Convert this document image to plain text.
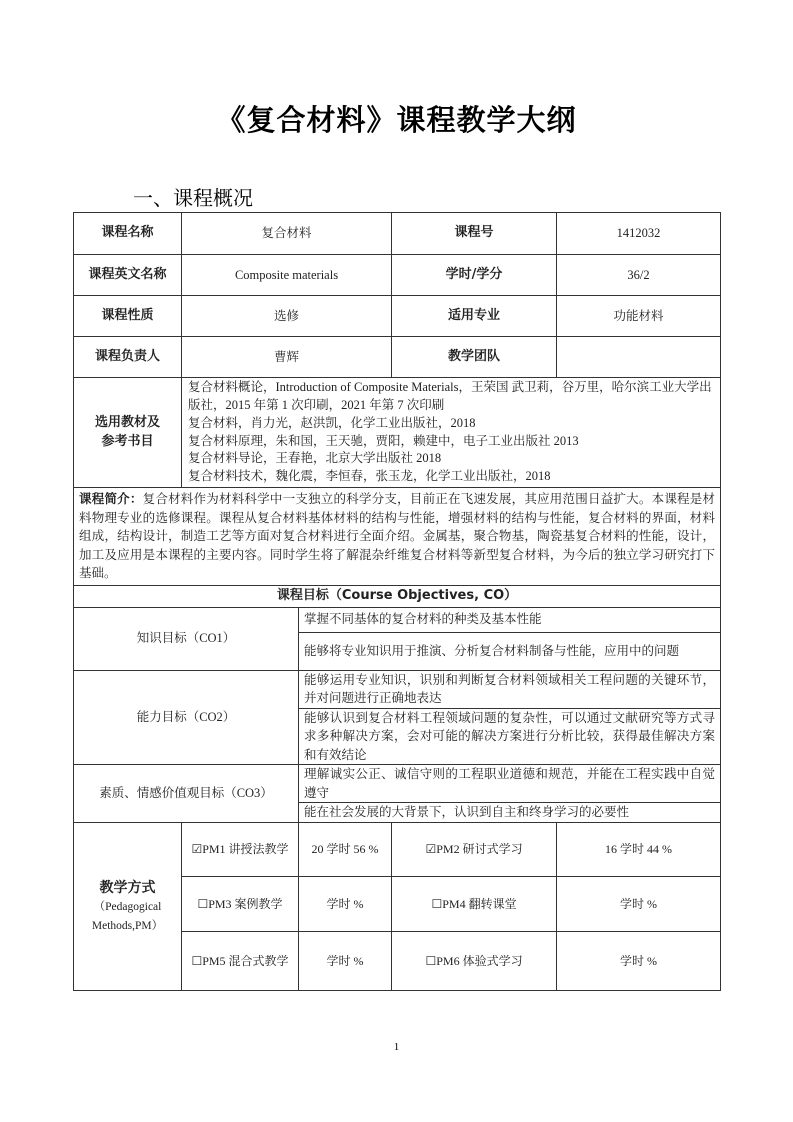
《复合材料》课程教学大纲
一、课程概况
课程名称	复合材料		课程号	1412032
课程英文名称	Composite materials		学时/学分	36/2
课程性质	选修		适用专业	功能材料
课程负责人	曹辉		教学团队	
选用教材及
参考书目	
复合材料概论，Introduction of Composite Materials，王荣国 武卫莉，谷万里，哈尔滨工业大学出版社，2015 年第 1 次印刷，2021 年第 7 次印刷
复合材料，肖力光，赵洪凯，化学工业出版社，2018
复合材料原理，朱和国，王天驰，贾阳，赖建中，电子工业出版社 2013
复合材料导论，王春艳，北京大学出版社 2018
复合材料技术，魏化震，李恒春，张玉龙，化学工业出版社，2018

课程简介：复合材料作为材料科学中一支独立的科学分支，目前正在飞速发展，其应用范围日益扩大。本课程是材料物理专业的选修课程。课程从复合材料基体材料的结构与性能，增强材料的结构与性能，复合材料的界面，材料组成，结构设计，制造工艺等方面对复合材料进行全面介绍。金属基，聚合物基，陶瓷基复合材料的性能，设计，加工及应用是本课程的主要内容。同时学生将了解混杂纤维复合材料等新型复合材料，为今后的独立学习研究打下基础。				
课程目标（Course Objectives, CO）				
知识目标（CO1）		掌握不同基体的复合材料的种类及基本性能		
		能够将专业知识用于推演、分析复合材料制备与性能，应用中的问题		
能力目标（CO2）		能够运用专业知识，识别和判断复合材料领域相关工程问题的关键环节，并对问题进行正确地表达		
		能够认识到复合材料工程领域问题的复杂性，可以通过文献研究等方式寻求多种解决方案，会对可能的解决方案进行分析比较，获得最佳解决方案和有效结论		
素质、情感价值观目标（CO3）		理解诚实公正、诚信守则的工程职业道德和规范，并能在工程实践中自觉遵守		
		能在社会发展的大背景下，认识到自主和终身学习的必要性		

教学方式
（Pedagogical
Methods,PM）	☑PM1 讲授法教学	20 学时 56 %	☑PM2 研讨式学习	16 学时 44 %
	☐PM3 案例教学	学时 %	☐PM4 翻转课堂	学时 %
	☐PM5 混合式教学	学时 %	☐PM6 体验式学习	学时 %
1
